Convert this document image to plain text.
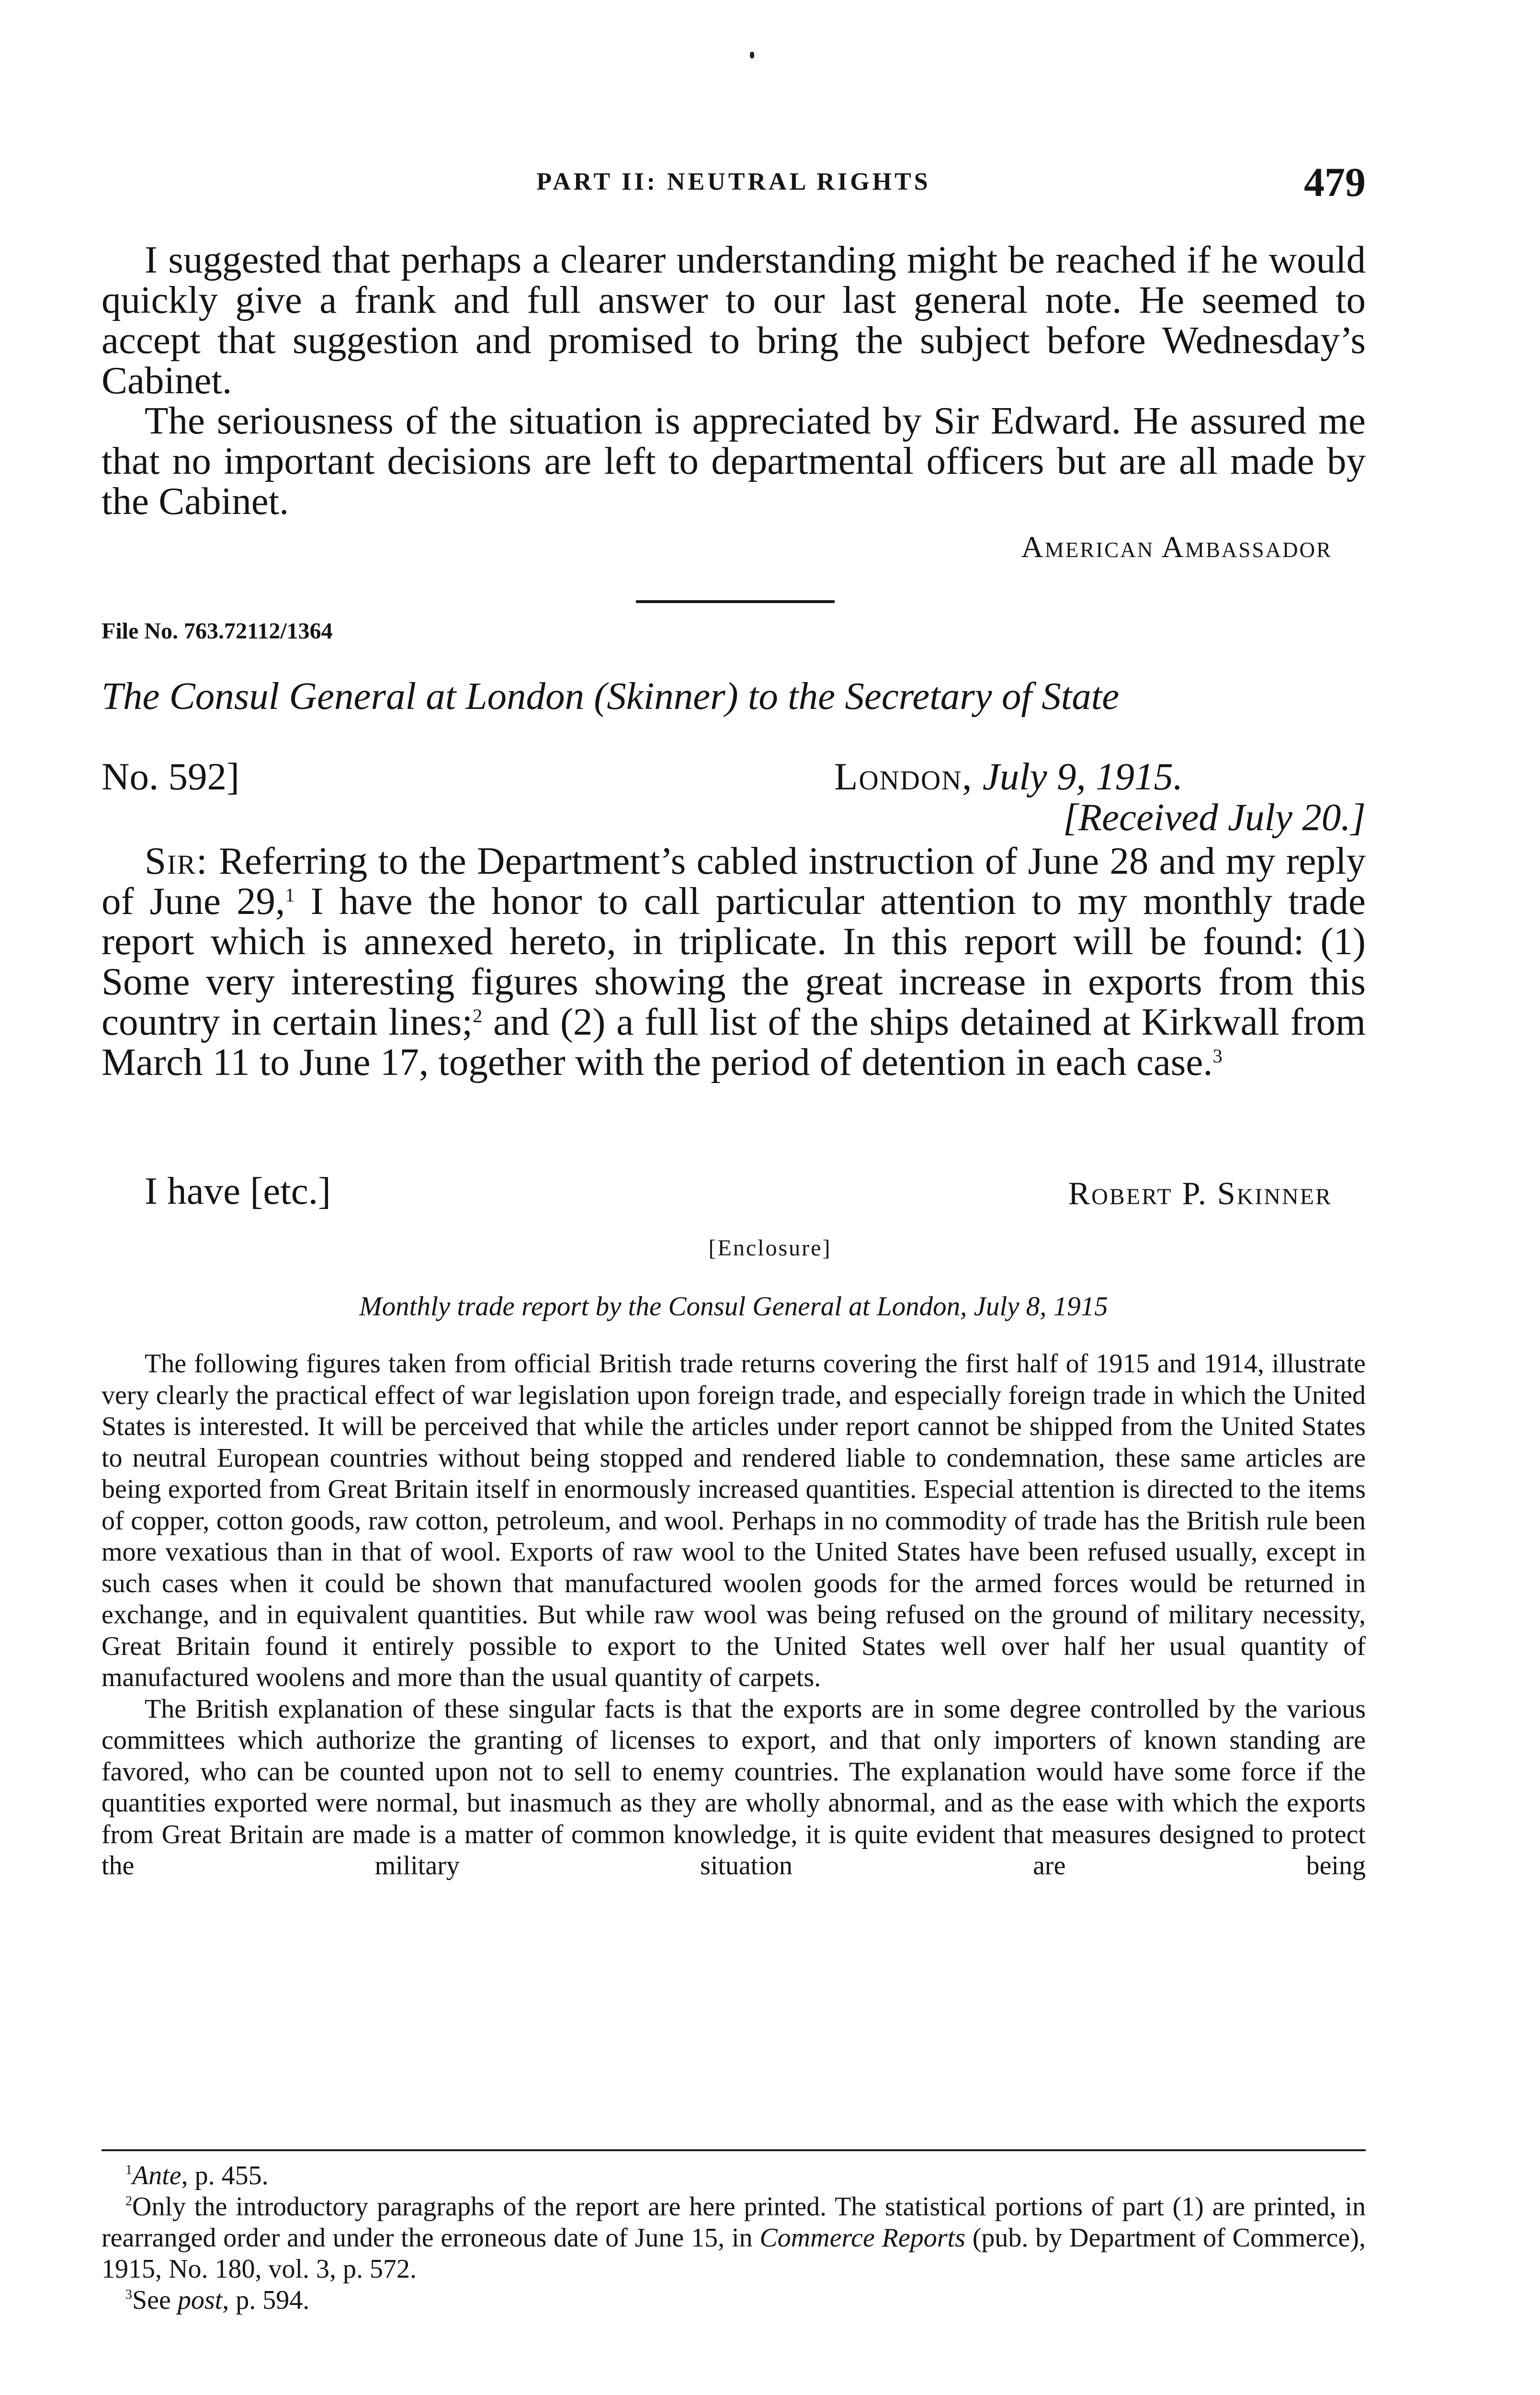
PART II: NEUTRAL RIGHTS	479

I suggested that perhaps a clearer understanding might be reached if he would quickly give a frank and full answer to our last general note. He seemed to accept that suggestion and promised to bring the subject before Wednesday’s Cabinet.

The seriousness of the situation is appreciated by Sir Edward. He assured me that no important decisions are left to departmental officers but are all made by the Cabinet.

American Ambassador
File No. 763.72112/1364
The Consul General at London (Skinner) to the Secretary of State
No. 592]	London, July 9, 1915.
[Received July 20.]

Sir: Referring to the Department’s cabled instruction of June 28 and my reply of June 29,$^1$ I have the honor to call particular attention to my monthly trade report which is annexed hereto, in triplicate. In this report will be found: (1) Some very interesting figures showing the great increase in exports from this country in certain lines;$^2$ and (2) a full list of the ships detained at Kirkwall from March 11 to June 17, together with the period of detention in each case.$^3$

I have [etc.]	Robert P. Skinner
[Enclosure]
Monthly trade report by the Consul General at London, July 8, 1915

The following figures taken from official British trade returns covering the first half of 1915 and 1914, illustrate very clearly the practical effect of war legislation upon foreign trade, and especially foreign trade in which the United States is interested. It will be perceived that while the articles under report cannot be shipped from the United States to neutral European countries without being stopped and rendered liable to condemnation, these same articles are being exported from Great Britain itself in enormously increased quantities. Especial attention is directed to the items of copper, cotton goods, raw cotton, petroleum, and wool. Perhaps in no commodity of trade has the British rule been more vexatious than in that of wool. Exports of raw wool to the United States have been refused usually, except in such cases when it could be shown that manufactured woolen goods for the armed forces would be returned in exchange, and in equivalent quantities. But while raw wool was being refused on the ground of military necessity, Great Britain found it entirely possible to export to the United States well over half her usual quantity of manufactured woolens and more than the usual quantity of carpets.

The British explanation of these singular facts is that the exports are in some degree controlled by the various committees which authorize the granting of licenses to export, and that only importers of known standing are favored, who can be counted upon not to sell to enemy countries. The explanation would have some force if the quantities exported were normal, but inasmuch as they are wholly abnormal, and as the ease with which the exports from Great Britain are made is a matter of common knowledge, it is quite evident that measures designed to protect the military situation are being

$^1$Ante, p. 455.

$^2$Only the introductory paragraphs of the report are here printed. The statistical portions of part (1) are printed, in rearranged order and under the erroneous date of June 15, in Commerce Reports (pub. by Department of Commerce), 1915, No. 180, vol. 3, p. 572.

$^3$See post, p. 594.
